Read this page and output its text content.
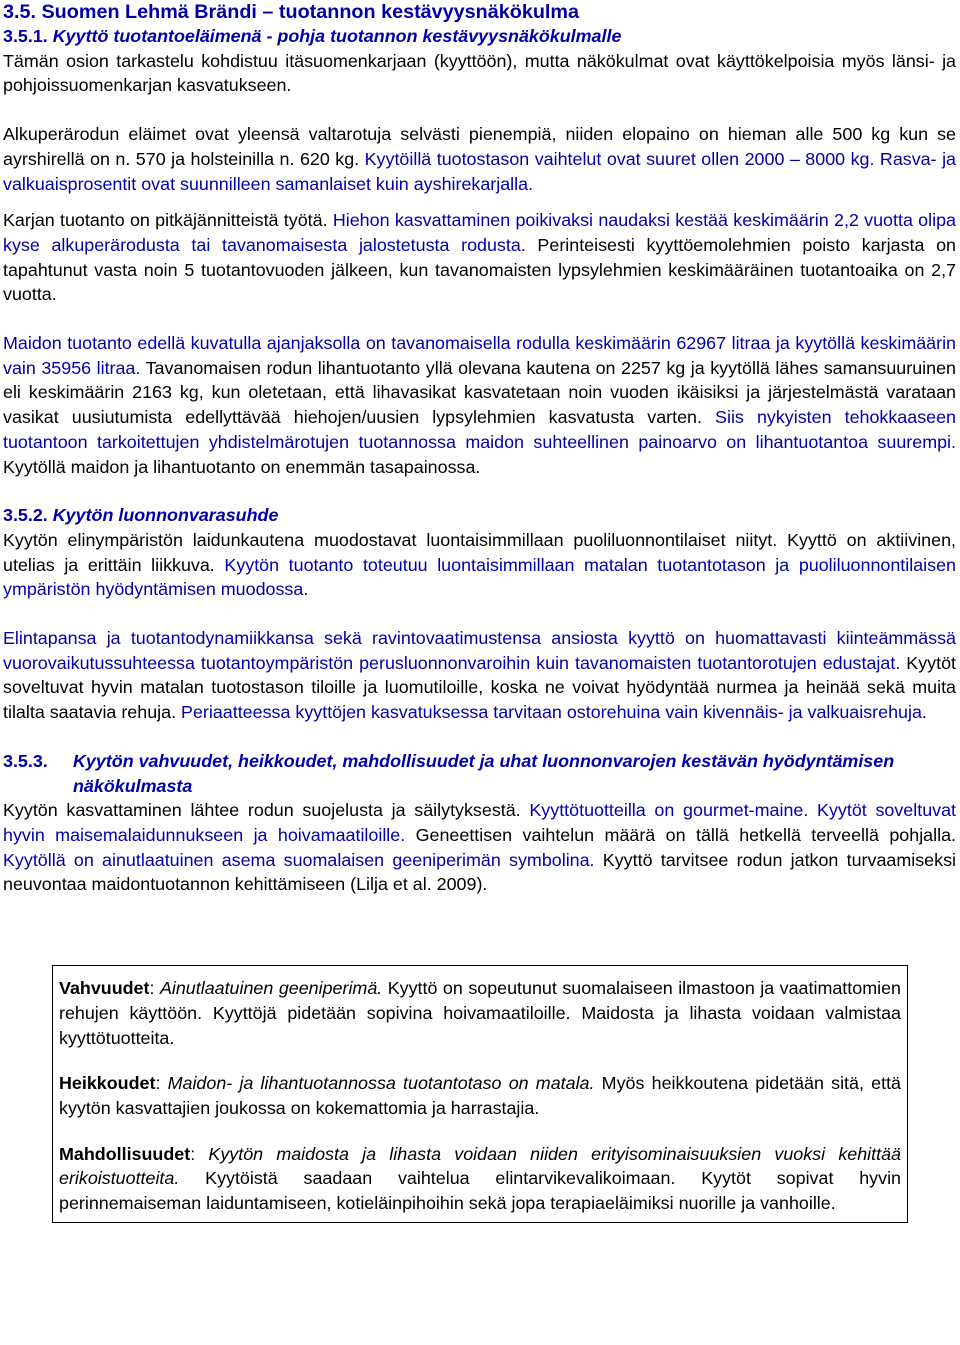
3.5. Suomen Lehmä Brändi – tuotannon kestävyysnäkökulma

3.5.1. Kyyttö tuotantoeläimenä - pohja tuotannon kestävyysnäkökulmalle

Tämän osion tarkastelu kohdistuu itäsuomenkarjaan (kyyttöön), mutta näkökulmat ovat käyttökelpoisia myös länsi- ja pohjoissuomenkarjan kasvatukseen.

Alkuperärodun eläimet ovat yleensä valtarotuja selvästi pienempiä, niiden elopaino on hieman alle 500 kg kun se ayrshirellä on n. 570 ja holsteinilla n. 620 kg. Kyytöillä tuotostason vaihtelut ovat suuret ollen 2000 – 8000 kg. Rasva- ja valkuaisprosentit ovat suunnilleen samanlaiset kuin ayshirekarjalla.

Karjan tuotanto on pitkäjännitteistä työtä. Hiehon kasvattaminen poikivaksi naudaksi kestää keskimäärin 2,2 vuotta olipa kyse alkuperärodusta tai tavanomaisesta jalostetusta rodusta. Perinteisesti kyyttöemolehmien poisto karjasta on tapahtunut vasta noin 5 tuotantovuoden jälkeen, kun tavanomaisten lypsylehmien keskimääräinen tuotantoaika on 2,7 vuotta.

Maidon tuotanto edellä kuvatulla ajanjaksolla on tavanomaisella rodulla keskimäärin 62967 litraa ja kyytöllä keskimäärin vain 35956 litraa. Tavanomaisen rodun lihantuotanto yllä olevana kautena on 2257 kg ja kyytöllä lähes samansuuruinen eli keskimäärin 2163 kg, kun oletetaan, että lihavasikat kasvatetaan noin vuoden ikäisiksi ja järjestelmästä varataan vasikat uusiutumista edellyttävää hiehojen/uusien lypsylehmien kasvatusta varten. Siis nykyisten tehokkaaseen tuotantoon tarkoitettujen yhdistelmärotujen tuotannossa maidon suhteellinen painoarvo on lihantuotantoa suurempi. Kyytöllä maidon ja lihantuotanto on enemmän tasapainossa.

3.5.2. Kyytön luonnonvarasuhde

Kyytön elinympäristön laidunkautena muodostavat luontaisimmillaan puoliluonnontilaiset niityt. Kyyttö on aktiivinen, utelias ja erittäin liikkuva. Kyytön tuotanto toteutuu luontaisimmillaan matalan tuotantotason ja puoliluonnontilaisen ympäristön hyödyntämisen muodossa.

Elintapansa ja tuotantodynamiikkansa sekä ravintovaatimustensa ansiosta kyyttö on huomattavasti kiinteämmässä vuorovaikutussuhteessa tuotantoympäristön perusluonnonvaroihin kuin tavanomaisten tuotantorotujen edustajat. Kyytöt soveltuvat hyvin matalan tuotostason tiloille ja luomutiloille, koska ne voivat hyödyntää nurmea ja heinää sekä muita tilalta saatavia rehuja. Periaatteessa kyyttöjen kasvatuksessa tarvitaan ostorehuina vain kivennäis- ja valkuaisrehuja.

3.5.3.	Kyytön vahvuudet, heikkoudet, mahdollisuudet ja uhat luonnonvarojen kestävän hyödyntämisen näkökulmasta

Kyytön kasvattaminen lähtee rodun suojelusta ja säilytyksestä. Kyyttötuotteilla on gourmet-maine. Kyytöt soveltuvat hyvin maisemalaidunnukseen ja hoivamaatiloille. Geneettisen vaihtelun määrä on tällä hetkellä terveellä pohjalla. Kyytöllä on ainutlaatuinen asema suomalaisen geeniperimän symbolina. Kyyttö tarvitsee rodun jatkon turvaamiseksi neuvontaa maidontuotannon kehittämiseen (Lilja et al. 2009).

Vahvuudet: Ainutlaatuinen geeniperimä. Kyyttö on sopeutunut suomalaiseen ilmastoon ja vaatimattomien rehujen käyttöön. Kyyttöjä pidetään sopivina hoivamaatiloille. Maidosta ja lihasta voidaan valmistaa kyyttötuotteita.

Heikkoudet: Maidon- ja lihantuotannossa tuotantotaso on matala. Myös heikkoutena pidetään sitä, että kyytön kasvattajien joukossa on kokemattomia ja harrastajia.

Mahdollisuudet: Kyytön maidosta ja lihasta voidaan niiden erityisominaisuuksien vuoksi kehittää erikoistuotteita. Kyytöistä saadaan vaihtelua elintarvikevalikoimaan. Kyytöt sopivat hyvin perinnemaiseman laiduntamiseen, kotieläinpihoihin sekä jopa terapiaeläimiksi nuorille ja vanhoille.
